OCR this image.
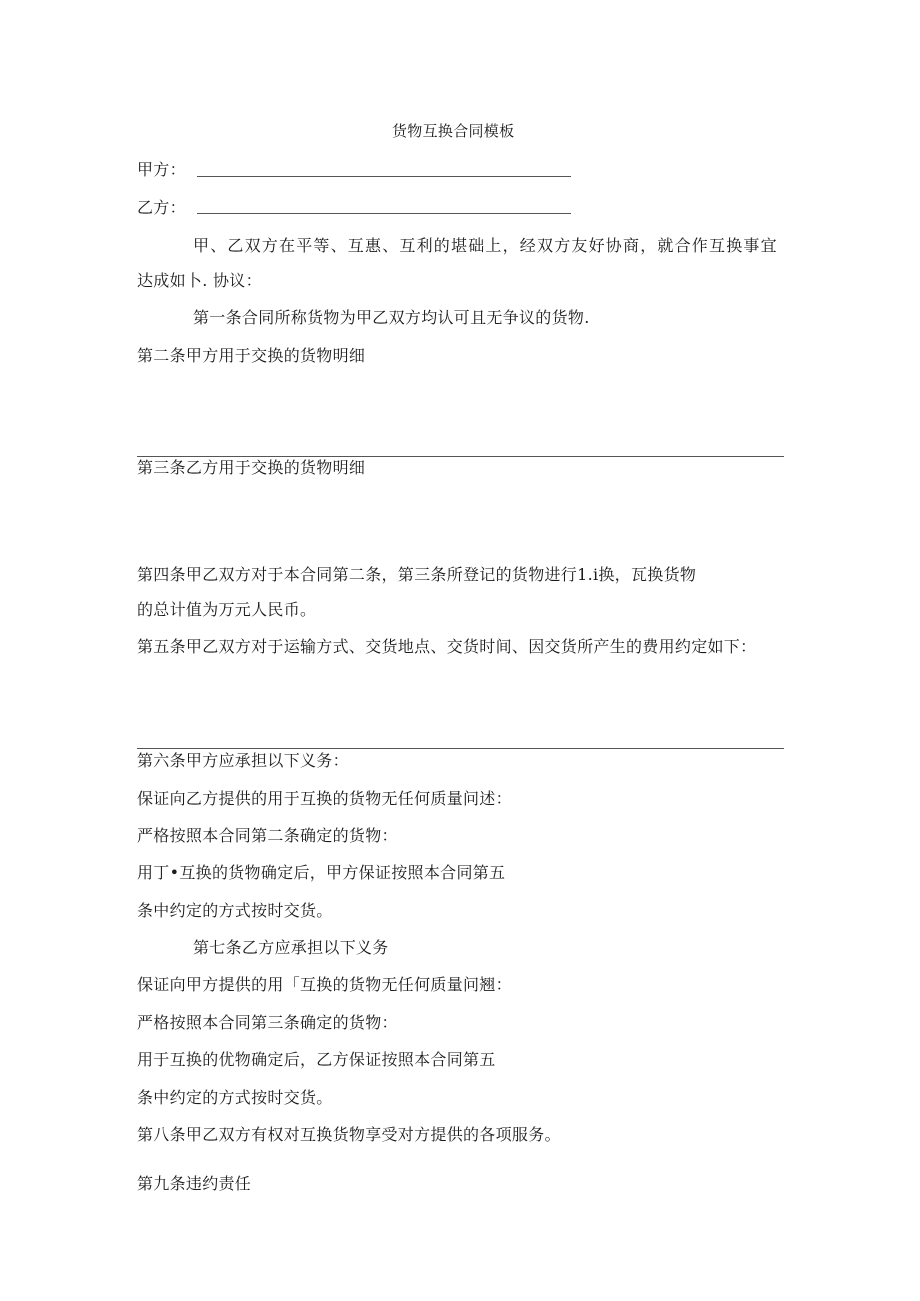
货物互换合同模板
甲方：
乙方：
甲、乙双方在平等、互惠、互利的堪础上，经双方友好协商，就合作互换事宜
达成如卜. 协议：
第一条合同所称货物为甲乙双方均认可且无争议的货物.
第二条甲方用于交换的货物明细
第三条乙方用于交换的货物明细
第四条甲乙双方对于本合同第二条，第三条所登记的货物进行1.i换，瓦换货物
的总计值为万元人民币。
第五条甲乙双方对于运输方式、交货地点、交货时间、因交货所产生的费用约定如下：
第六条甲方应承担以下义务：
保证向乙方提供的用于互换的货物无任何质量问述：
严格按照本合同第二条确定的货物：
用丁•互换的货物确定后，甲方保证按照本合同第五
条中约定的方式按时交货。
第七条乙方应承担以下义务
保证向甲方提供的用「互换的货物无任何质量问翘：
严格按照本合同第三条确定的货物：
用于互换的优物确定后，乙方保证按照本合同第五
条中约定的方式按时交货。
第八条甲乙双方有权对互换货物享受对方提供的各项服务。
第九条违约责任
